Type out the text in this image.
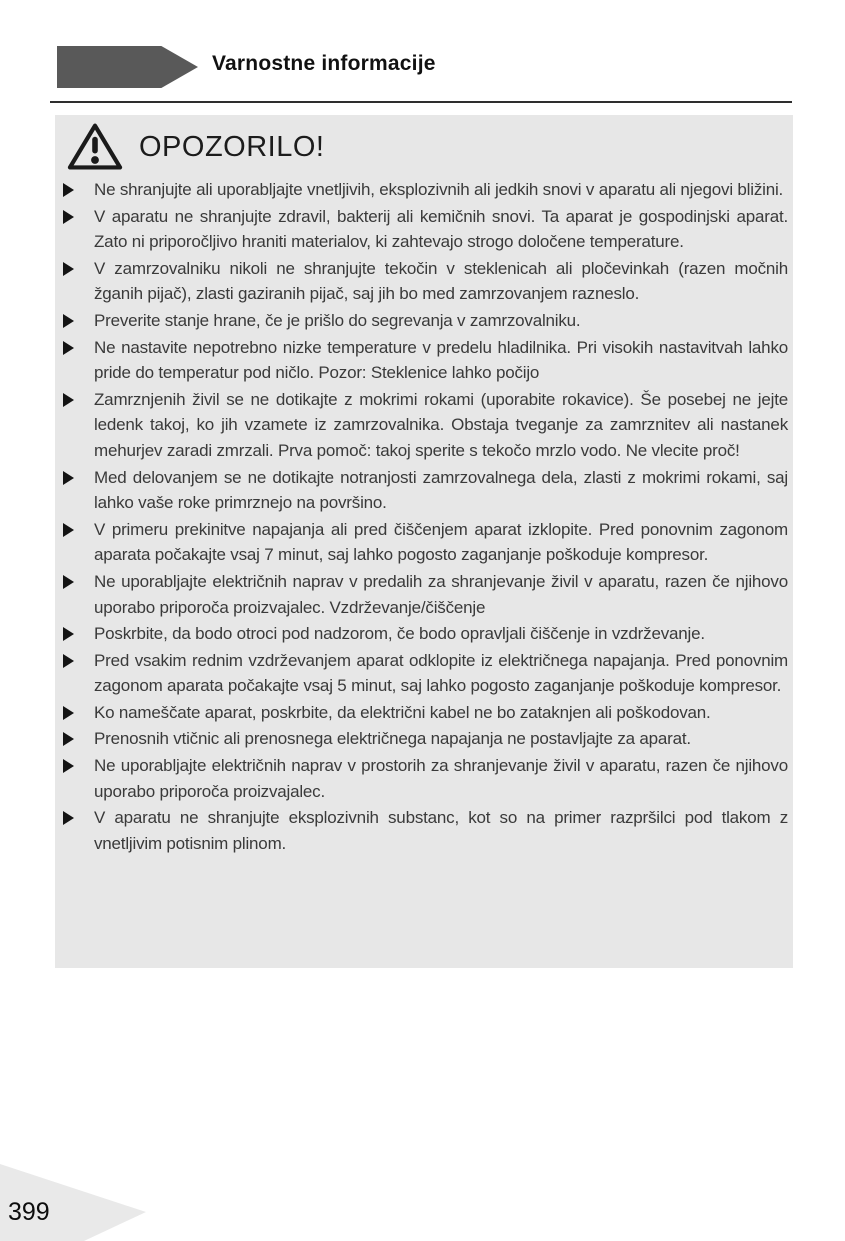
Varnostne informacije
OPOZORILO!
Ne shranjujte ali uporabljajte vnetljivih, eksplozivnih ali jedkih snovi v aparatu ali njegovi bližini.
V aparatu ne shranjujte zdravil, bakterij ali kemičnih snovi. Ta aparat je gospodinjski aparat. Zato ni priporočljivo hraniti materialov, ki zahtevajo strogo določene temperature.
V zamrzovalniku nikoli ne shranjujte tekočin v steklenicah ali pločevinkah (razen močnih žganih pijač), zlasti gaziranih pijač, saj jih bo med zamrzovanjem razneslo.
Preverite stanje hrane, če je prišlo do segrevanja v zamrzovalniku.
Ne nastavite nepotrebno nizke temperature v predelu hladilnika. Pri visokih nastavitvah lahko pride do temperatur pod ničlo. Pozor: Steklenice lahko počijo
Zamrznjenih živil se ne dotikajte z mokrimi rokami (uporabite rokavice). Še posebej ne jejte ledenk takoj, ko jih vzamete iz zamrzovalnika. Obstaja tveganje za zamrznitev ali nastanek mehurjev zaradi zmrzali. Prva pomoč: takoj sperite s tekočo mrzlo vodo. Ne vlecite proč!
Med delovanjem se ne dotikajte notranjosti zamrzovalnega dela, zlasti z mokrimi rokami, saj lahko vaše roke primrznejo na površino.
V primeru prekinitve napajanja ali pred čiščenjem aparat izklopite. Pred ponovnim zagonom aparata počakajte vsaj 7 minut, saj lahko pogosto zaganjanje poškoduje kompresor.
Ne uporabljajte električnih naprav v predalih za shranjevanje živil v aparatu, razen če njihovo uporabo priporoča proizvajalec. Vzdrževanje/čiščenje
Poskrbite, da bodo otroci pod nadzorom, če bodo opravljali čiščenje in vzdrževanje.
Pred vsakim rednim vzdrževanjem aparat odklopite iz električnega napajanja. Pred ponovnim zagonom aparata počakajte vsaj 5 minut, saj lahko pogosto zaganjanje poškoduje kompresor.
Ko nameščate aparat, poskrbite, da električni kabel ne bo zataknjen ali poškodovan.
Prenosnih vtičnic ali prenosnega električnega napajanja ne postavljajte za aparat.
Ne uporabljajte električnih naprav v prostorih za shranjevanje živil v aparatu, razen če njihovo uporabo priporoča proizvajalec.
V aparatu ne shranjujte eksplozivnih substanc, kot so na primer razpršilci pod tlakom z vnetljivim potisnim plinom.
399
